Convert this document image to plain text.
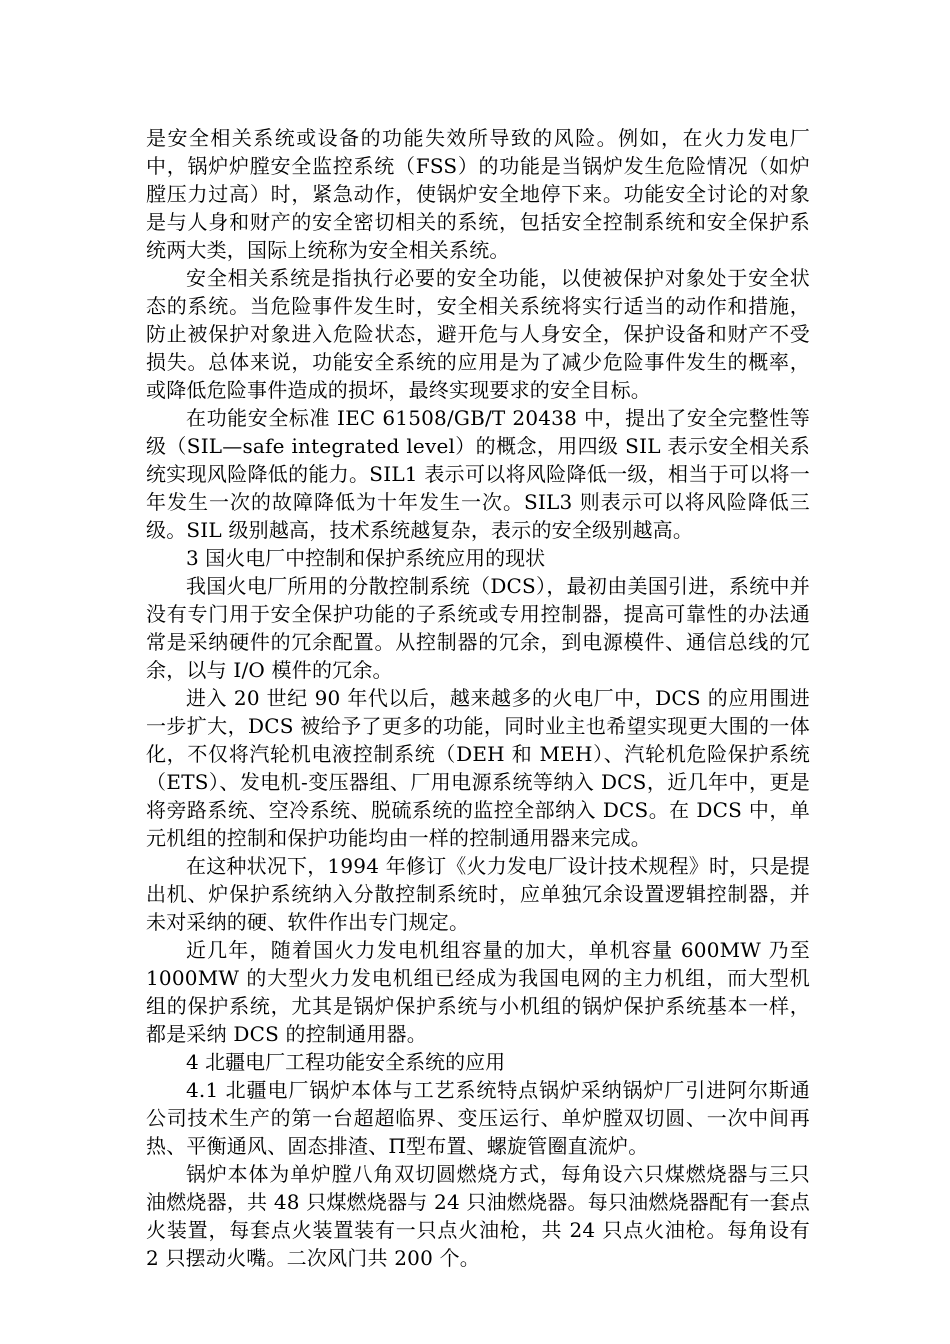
是安全相关系统或设备的功能失效所导致的风险。例如，在火力发电厂中，锅炉炉膛安全监控系统（FSS）的功能是当锅炉发生危险情况（如炉膛压力过高）时，紧急动作，使锅炉安全地停下来。功能安全讨论的对象是与人身和财产的安全密切相关的系统，包括安全控制系统和安全保护系统两大类，国际上统称为安全相关系统。

安全相关系统是指执行必要的安全功能，以使被保护对象处于安全状态的系统。当危险事件发生时，安全相关系统将实行适当的动作和措施，防止被保护对象进入危险状态，避开危与人身安全，保护设备和财产不受损失。总体来说，功能安全系统的应用是为了减少危险事件发生的概率，或降低危险事件造成的损坏，最终实现要求的安全目标。

在功能安全标准 IEC 61508/GB/T 20438 中，提出了安全完整性等级（SIL—safe integrated level）的概念，用四级 SIL 表示安全相关系统实现风险降低的能力。SIL1 表示可以将风险降低一级，相当于可以将一年发生一次的故障降低为十年发生一次。SIL3 则表示可以将风险降低三级。SIL 级别越高，技术系统越复杂，表示的安全级别越高。

3 国火电厂中控制和保护系统应用的现状

我国火电厂所用的分散控制系统（DCS），最初由美国引进，系统中并没有专门用于安全保护功能的子系统或专用控制器，提高可靠性的办法通常是采纳硬件的冗余配置。从控制器的冗余，到电源模件、通信总线的冗余，以与 I/O 模件的冗余。

进入 20 世纪 90 年代以后，越来越多的火电厂中，DCS 的应用围进一步扩大，DCS 被给予了更多的功能，同时业主也希望实现更大围的一体化，不仅将汽轮机电液控制系统（DEH 和 MEH）、汽轮机危险保护系统（ETS）、发电机-变压器组、厂用电源系统等纳入 DCS，近几年中，更是将旁路系统、空冷系统、脱硫系统的监控全部纳入 DCS。在 DCS 中，单元机组的控制和保护功能均由一样的控制通用器来完成。

在这种状况下，1994 年修订《火力发电厂设计技术规程》时，只是提出机、炉保护系统纳入分散控制系统时，应单独冗余设置逻辑控制器，并未对采纳的硬、软件作出专门规定。

近几年，随着国火力发电机组容量的加大，单机容量 600MW 乃至 1000MW 的大型火力发电机组已经成为我国电网的主力机组，而大型机组的保护系统，尤其是锅炉保护系统与小机组的锅炉保护系统基本一样，都是采纳 DCS 的控制通用器。

4 北疆电厂工程功能安全系统的应用

4.1 北疆电厂锅炉本体与工艺系统特点锅炉采纳锅炉厂引进阿尔斯通公司技术生产的第一台超超临界、变压运行、单炉膛双切圆、一次中间再热、平衡通风、固态排渣、Π型布置、螺旋管圈直流炉。

锅炉本体为单炉膛八角双切圆燃烧方式，每角设六只煤燃烧器与三只油燃烧器，共 48 只煤燃烧器与 24 只油燃烧器。每只油燃烧器配有一套点火装置，每套点火装置装有一只点火油枪，共 24 只点火油枪。每角设有 2 只摆动火嘴。二次风门共 200 个。
